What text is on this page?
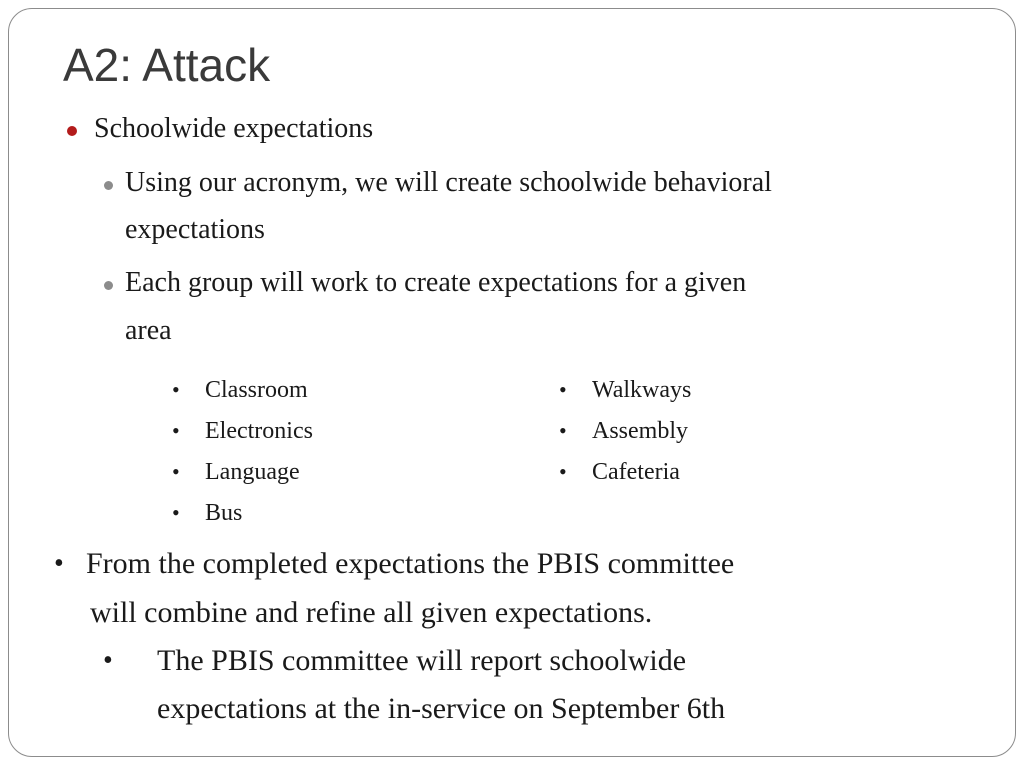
A2: Attack
Schoolwide expectations
Using our acronym, we will create schoolwide behavioral
expectations
Each group will work to create expectations for a given
area
• Classroom
• Electronics
• Language
• Bus
• Walkways
• Assembly
• Cafeteria
• From the completed expectations the PBIS committee
will combine and refine all given expectations.
• The PBIS committee will report schoolwide
expectations at the in-service on September 6th
